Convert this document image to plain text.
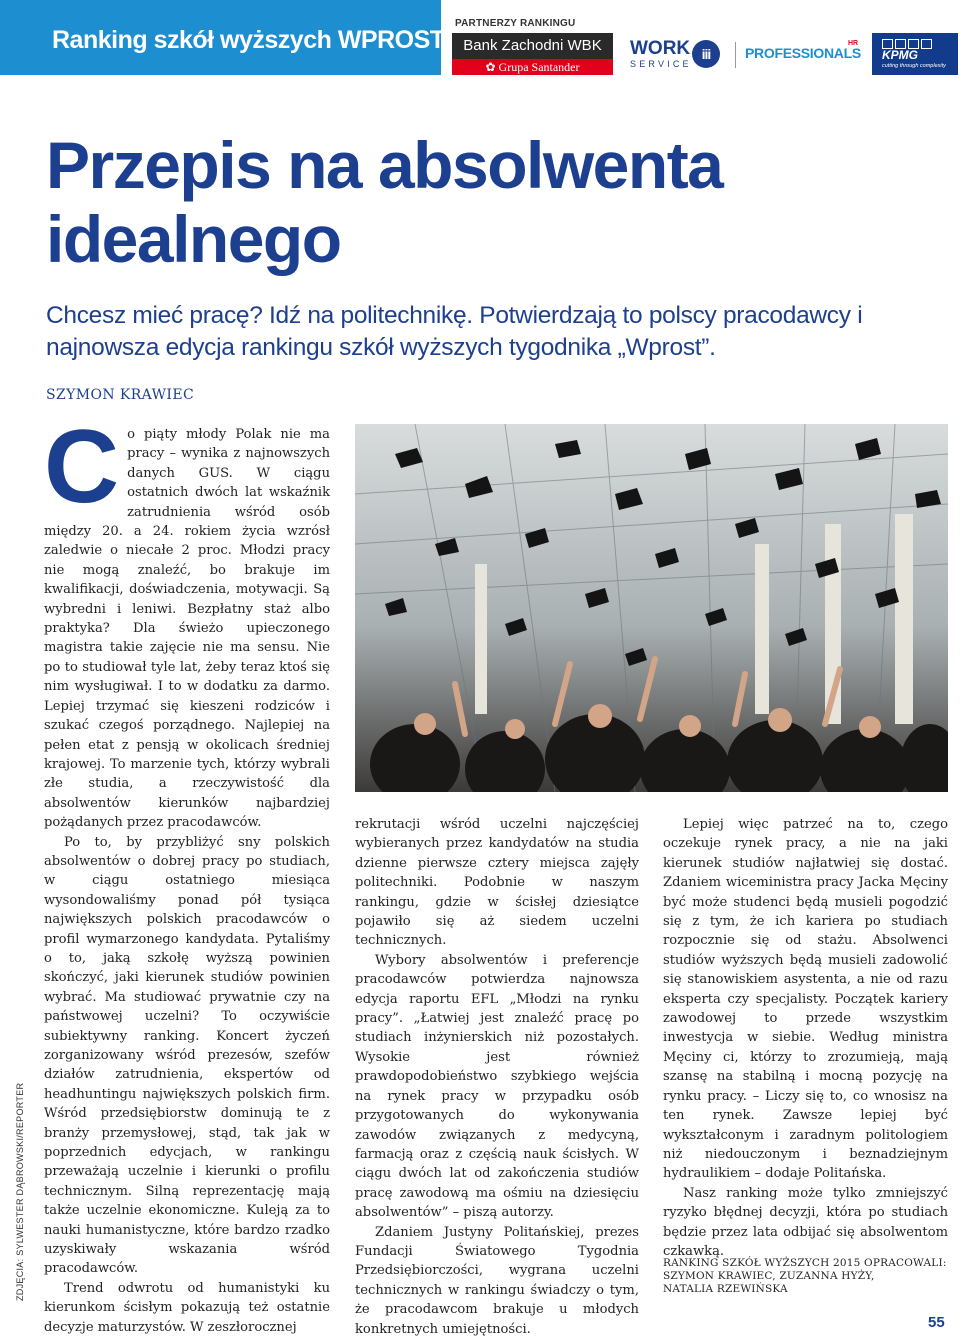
Ranking szkół wyższych WPROST
PARTNERZY RANKINGU
Bank Zachodni WBK
✿ Grupa Santander
WORK
SERVICE
iii	PROFESSIONALS
HR
KPMG
cutting through complexity
Przepis na absolwenta idealnego

Chcesz mieć pracę? Idź na politechnikę. Potwierdzają to polscy pracodawcy i najnowsza edycja rankingu szkół wyższych tygodnika „Wprost”.

SZYMON KRAWIEC
C o piąty młody Polak nie ma pracy – wynika z najnowszych danych GUS. W ciągu ostatnich dwóch lat wskaźnik zatrudnienia wśród osób między 20. a 24. rokiem życia wzrósł zaledwie o niecałe 2 proc. Młodzi pracy nie mogą znaleźć, bo brakuje im kwalifikacji, doświadczenia, motywacji. Są wybredni i leniwi. Bezpłatny staż albo praktyka? Dla świeżo upieczonego magistra takie zajęcie nie ma sensu. Nie po to studiował tyle lat, żeby teraz ktoś się nim wysługiwał. I to w dodatku za darmo. Lepiej trzymać się kieszeni rodziców i szukać czegoś porządnego. Najlepiej na pełen etat z pensją w okolicach średniej krajowej. To marzenie tych, którzy wybrali złe studia, a rzeczywistość dla absolwentów kierunków najbardziej pożądanych przez pracodawców.

Po to, by przybliżyć sny polskich absolwentów o dobrej pracy po studiach, w ciągu ostatniego miesiąca wysondowaliśmy ponad pół tysiąca największych polskich pracodawców o profil wymarzonego kandydata. Pytaliśmy o to, jaką szkołę wyższą powinien skończyć, jaki kierunek studiów powinien wybrać. Ma studiować prywatnie czy na państwowej uczelni? To oczywiście subiektywny ranking. Koncert życzeń zorganizowany wśród prezesów, szefów działów zatrudnienia, ekspertów od headhuntingu największych polskich firm. Wśród przedsiębiorstw dominują te z branży przemysłowej, stąd, tak jak w poprzednich edycjach, w rankingu przeważają uczelnie i kierunki o profilu technicznym. Silną reprezentację mają także uczelnie ekonomiczne. Kuleją za to nauki humanistyczne, które bardzo rzadko uzyskiwały wskazania wśród pracodawców.

Trend odwrotu od humanistyki ku kierunkom ścisłym pokazują też ostatnie decyzje maturzystów. W zeszłorocznej

rekrutacji wśród uczelni najczęściej wybieranych przez kandydatów na studia dzienne pierwsze cztery miejsca zajęły politechniki. Podobnie w naszym rankingu, gdzie w ścisłej dziesiątce pojawiło się aż siedem uczelni technicznych.

Wybory absolwentów i preferencje pracodawców potwierdza najnowsza edycja raportu EFL „Młodzi na rynku pracy”. „Łatwiej jest znaleźć pracę po studiach inżynierskich niż pozostałych. Wysokie jest również prawdopodobieństwo szybkiego wejścia na rynek pracy w przypadku osób przygotowanych do wykonywania zawodów związanych z medycyną, farmacją oraz z częścią nauk ścisłych. W ciągu dwóch lat od zakończenia studiów pracę zawodową ma ośmiu na dziesięciu absolwentów” – piszą autorzy.

Zdaniem Justyny Politańskiej, prezes Fundacji Światowego Tygodnia Przedsiębiorczości, wygrana uczelni technicznych w rankingu świadczy o tym, że pracodawcom brakuje u młodych konkretnych umiejętności.

Lepiej więc patrzeć na to, czego oczekuje rynek pracy, a nie na jaki kierunek studiów najłatwiej się dostać. Zdaniem wiceministra pracy Jacka Męciny być może studenci będą musieli pogodzić się z tym, że ich kariera po studiach rozpocznie się od stażu. Absolwenci studiów wyższych będą musieli zadowolić się stanowiskiem asystenta, a nie od razu eksperta czy specjalisty. Początek kariery zawodowej to przede wszystkim inwestycja w siebie. Według ministra Męciny ci, którzy to zrozumieją, mają szansę na stabilną i mocną pozycję na rynku pracy. – Liczy się to, co wnosisz na ten rynek. Zawsze lepiej być wykształconym i zaradnym politologiem niż niedouczonym i beznadziejnym hydraulikiem – dodaje Politańska.

Nasz ranking może tylko zmniejszyć ryzyko błędnej decyzji, która po studiach będzie przez lata odbijać się absolwentom czkawką.

RANKING SZKÓŁ WYŻSZYCH 2015 OPRACOWALI:
SZYMON KRAWIEC, ZUZANNA HYŻY,
NATALIA RZEWIŃSKA

ZDJĘCIA: SYLWESTER DĄBROWSKI/REPORTER
55
